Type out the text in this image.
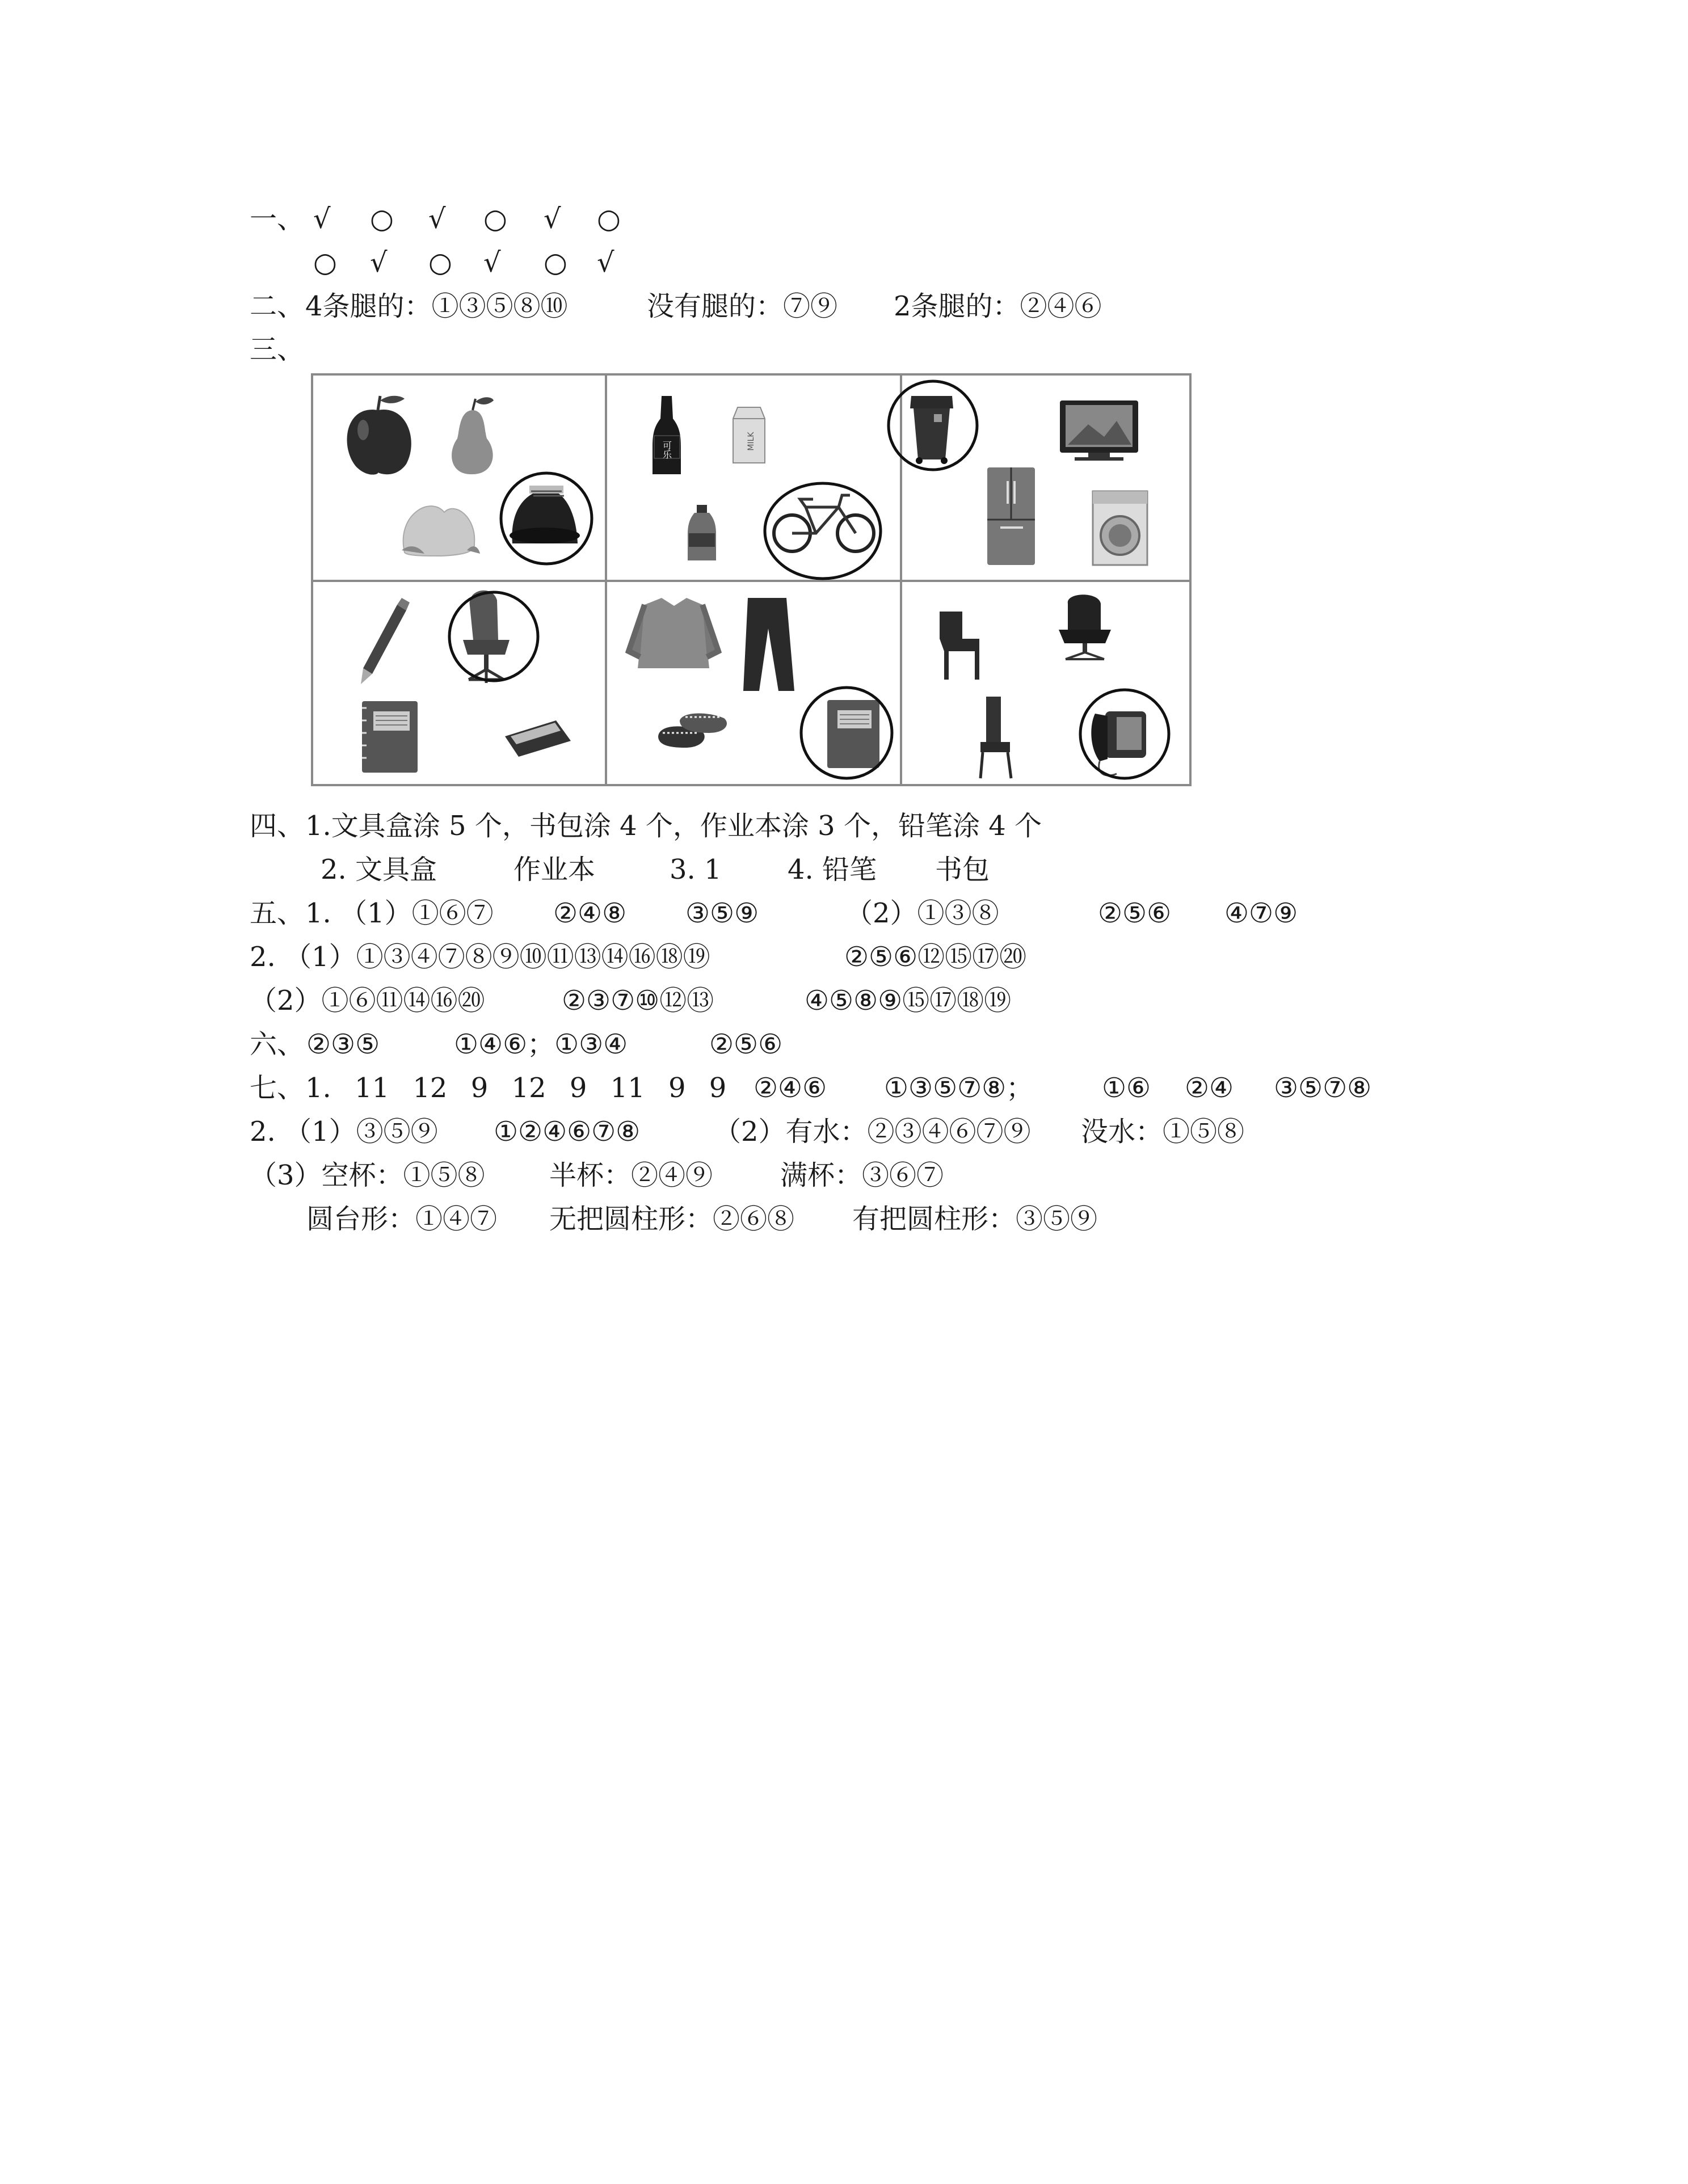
一、 √ ○ √ ○ √ ○
○ √ ○ √ ○ √
二、 4条腿的：①③⑤⑧⑩	没有腿的：⑦⑨ 2条腿的：②④⑥
三、
可乐	MILK
四、 1.文具盒涂 5 个，书包涂 4 个，作业本涂 3 个，铅笔涂 4 个
2. 文具盒	作业本	3. 1 4. 铅笔 书包
五、 1. （1）①⑥⑦ ②④⑧ ③⑤⑨	（2）①③⑧	②⑤⑥ ④⑦⑨
2. （1）①③④⑦⑧⑨⑩⑪⑬⑭⑯⑱⑲	②⑤⑥⑫⑮⑰⑳
（2）①⑥⑪⑭⑯⑳	②③⑦⑩⑫⑬	④⑤⑧⑨⑮⑰⑱⑲
六、 ②③⑤	①④⑥；①③④	②⑤⑥
七、 1. 11 12 9 12 9 11 9 9 ②④⑥ ①③⑤⑦⑧；	①⑥ ②④ ③⑤⑦⑧
2. （1）③⑤⑨ ①②④⑥⑦⑧	（2）有水：②③④⑥⑦⑨ 没水：①⑤⑧
（3）空杯：①⑤⑧ 半杯：②④⑨ 满杯：③⑥⑦
圆台形：①④⑦ 无把圆柱形：②⑥⑧ 有把圆柱形：③⑤⑨
